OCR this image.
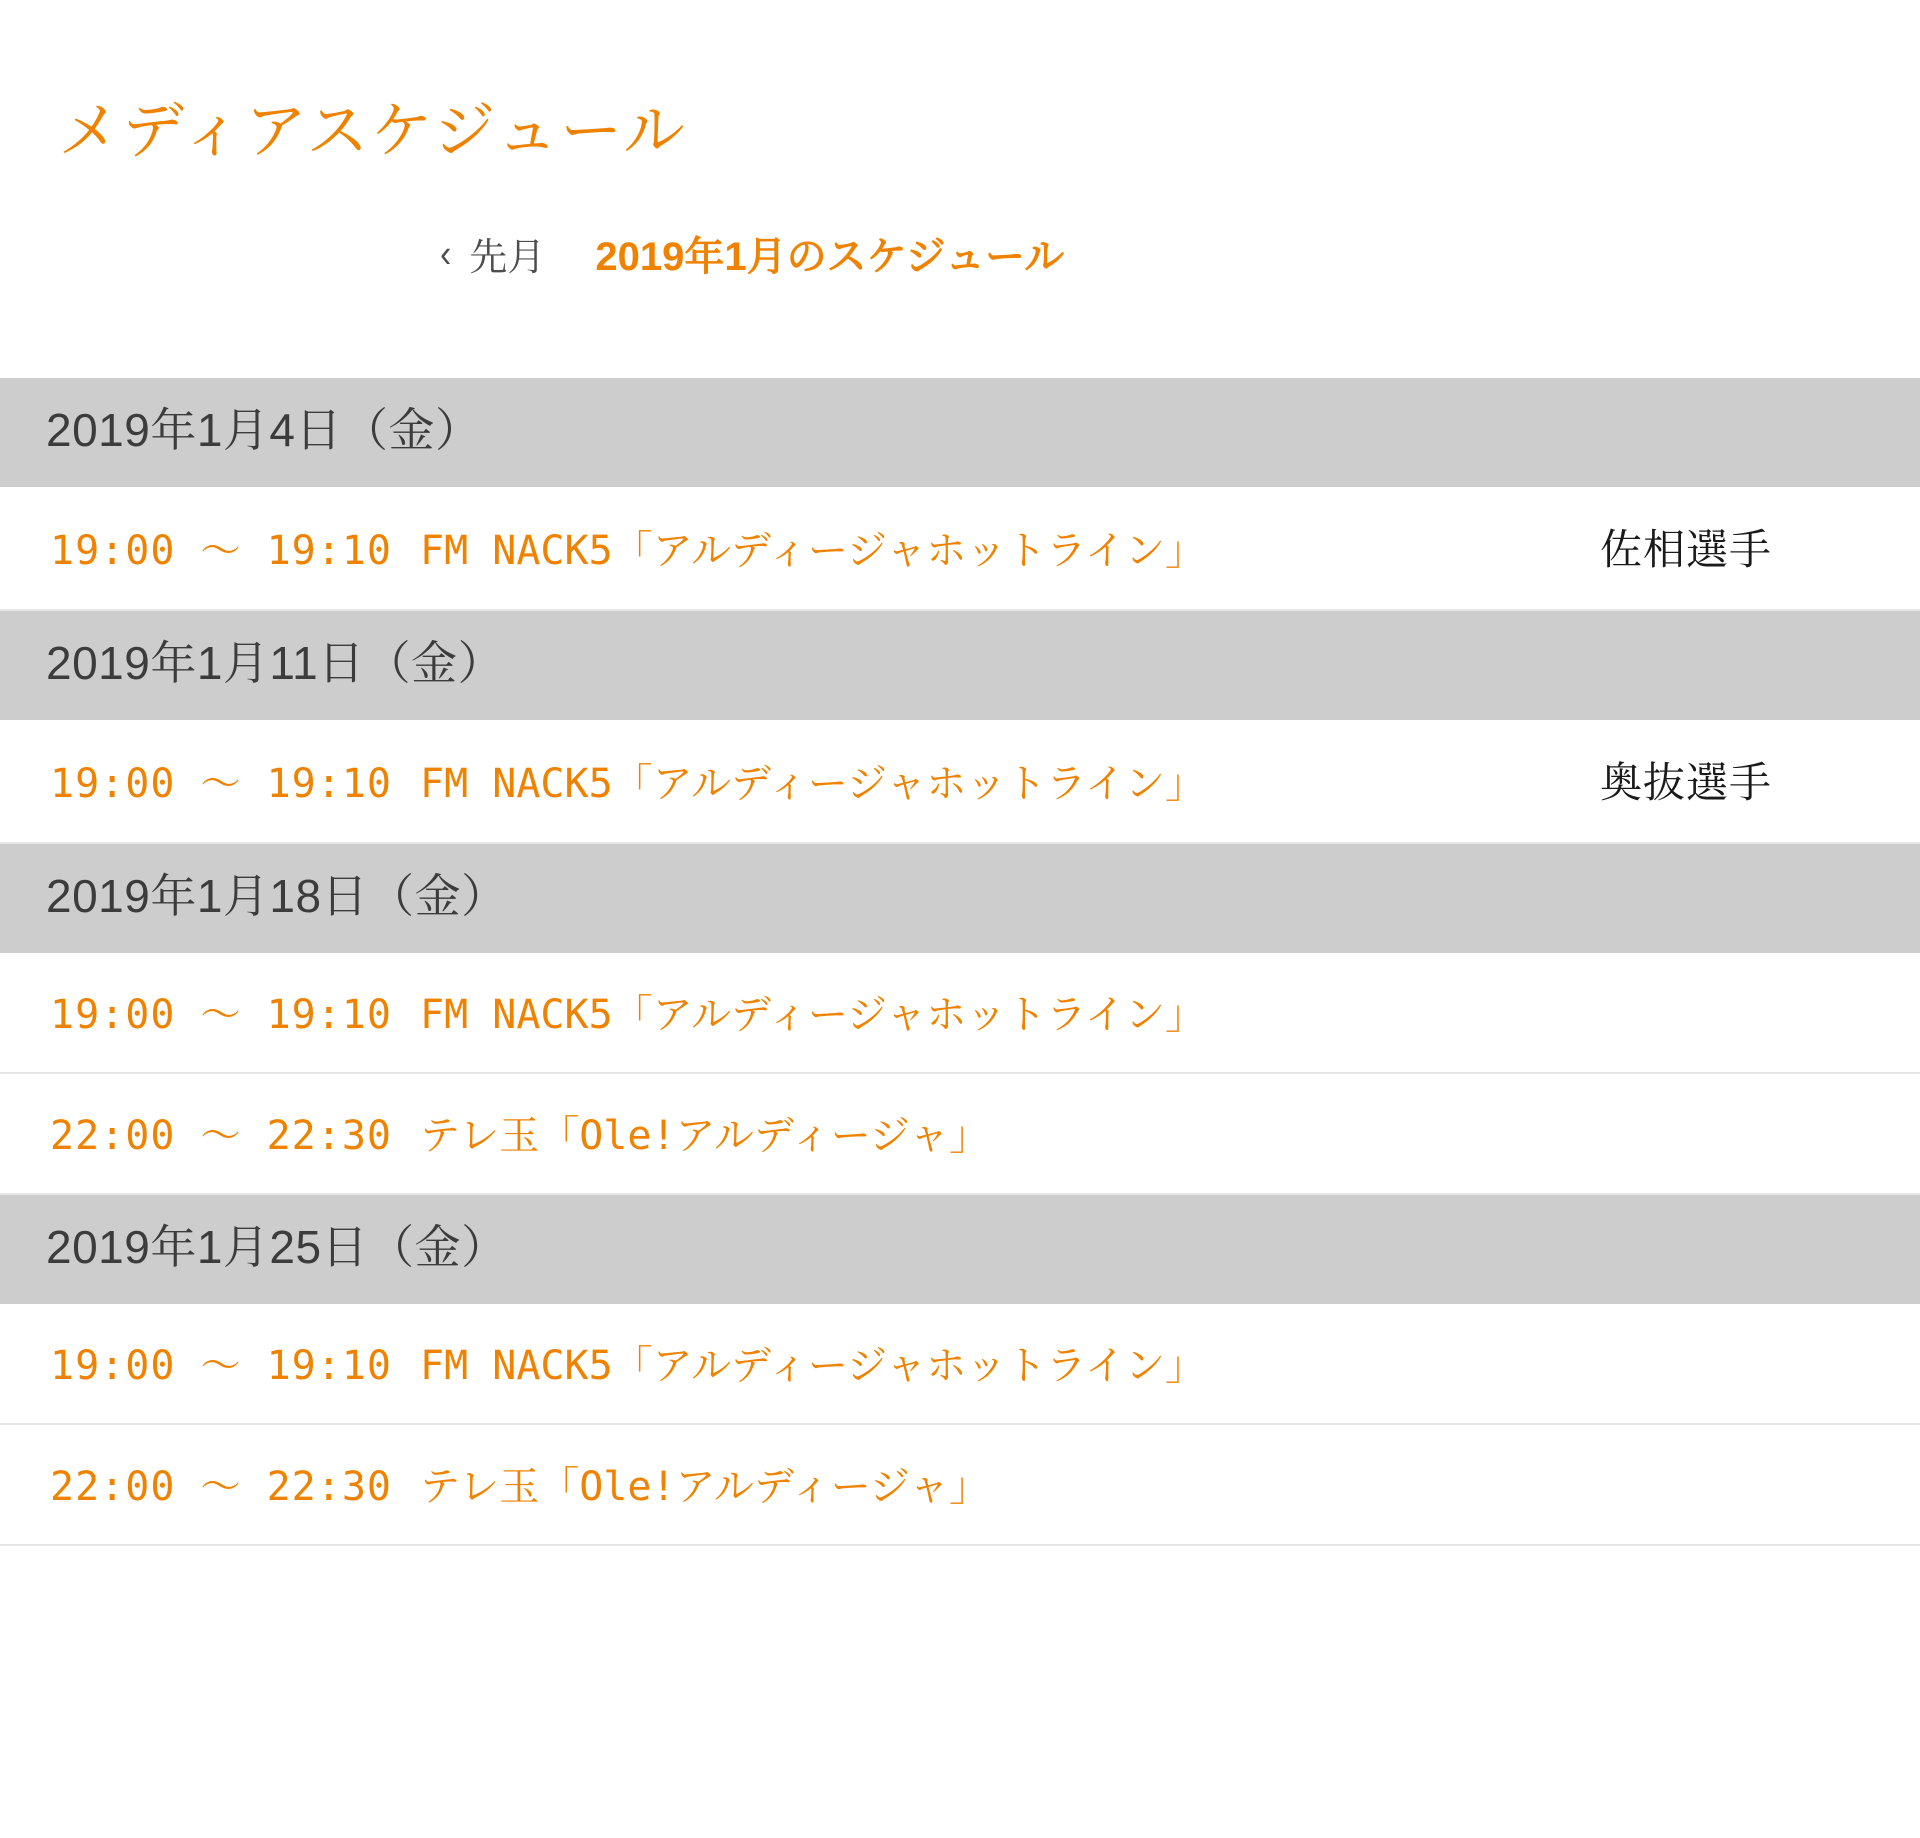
メディアスケジュール
‹ 先月 2019年1月のスケジュール
2019年1月4日（金）
19:00 〜 19:10 FM NACK5「アルディージャホットライン」	佐相選手
2019年1月11日（金）
19:00 〜 19:10 FM NACK5「アルディージャホットライン」	奥抜選手
2019年1月18日（金）
19:00 〜 19:10 FM NACK5「アルディージャホットライン」
22:00 〜 22:30 テレ玉「Ole!アルディージャ」
2019年1月25日（金）
19:00 〜 19:10 FM NACK5「アルディージャホットライン」
22:00 〜 22:30 テレ玉「Ole!アルディージャ」
